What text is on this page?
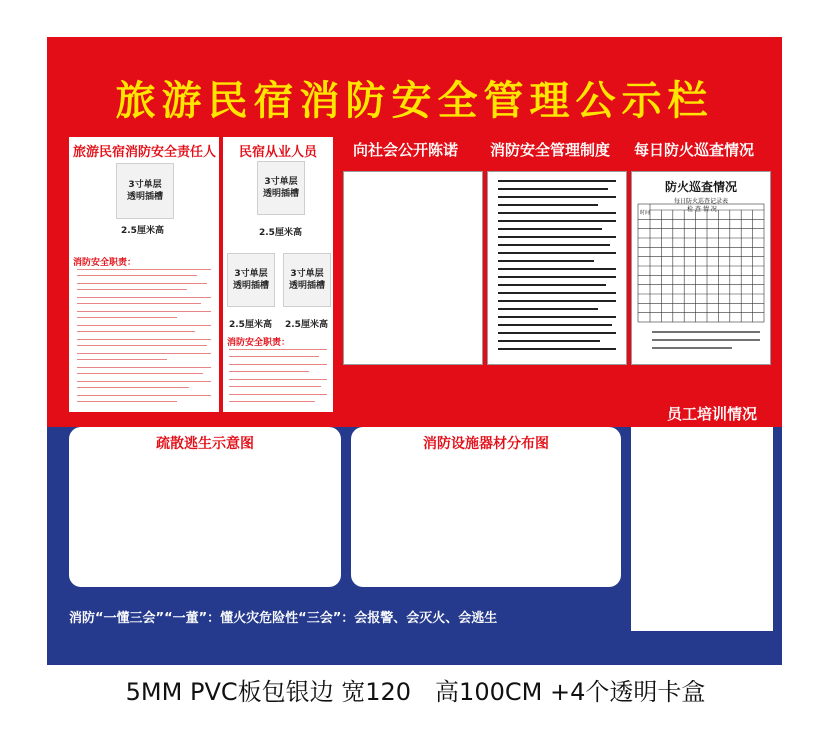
旅游民宿消防安全管理公示栏
旅游民宿消防安全责任人
3寸单层
透明插槽
2.5厘米高
消防安全职责：
民宿从业人员
3寸单层
透明插槽
2.5厘米高
3寸单层
透明插槽
3寸单层
透明插槽
2.5厘米高 2.5厘米高
消防安全职责：
向社会公开陈诺 消防安全管理制度 每日防火巡查情况
防火巡查情况
每日防火巡查记录表
检 查 情 况
时间
员工培训情况
疏散逃生示意图	消防设施器材分布图
消防“一懂三会”“一董”：懂火灾危险性“三会”：会报警、会灭火、会逃生
5MM PVC板包银边 宽120　高100CM +4个透明卡盒
